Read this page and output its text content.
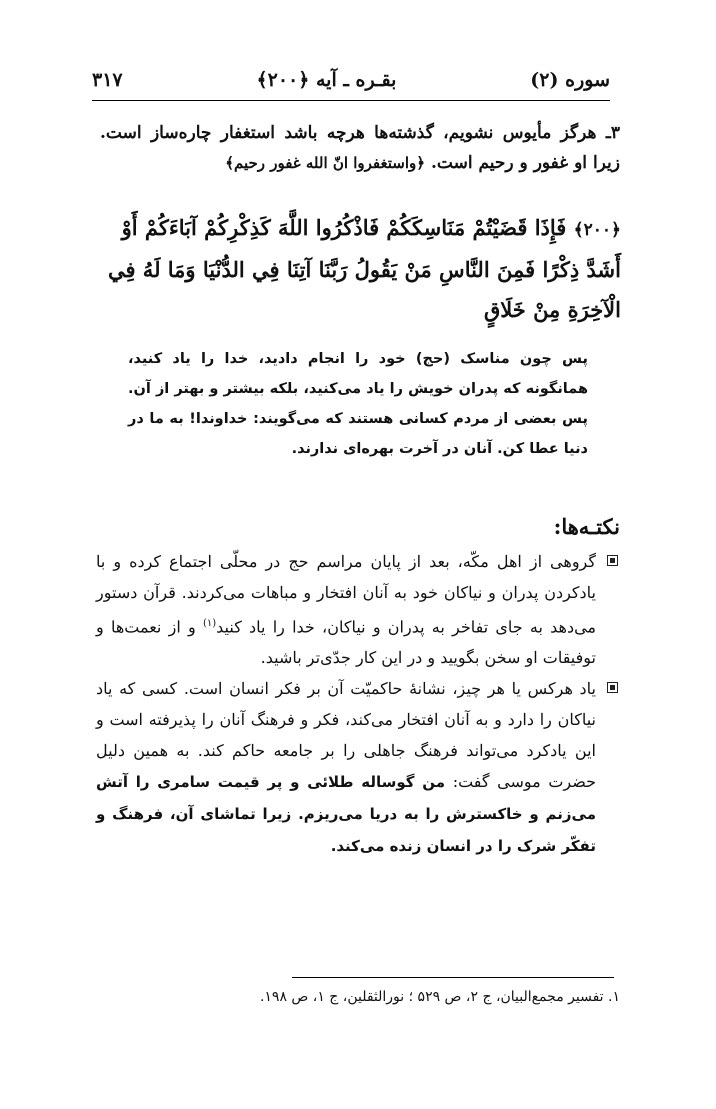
سوره (۲)
بقـره ـ آیه ﴿۲۰۰﴾
۳۱۷
۳ـ هرگز مأیوس نشویم، گذشته‌ها هرچه باشد استغفار چاره‌ساز است. زیرا او غفور و رحیم است. ﴿واستغفروا انّ الله غفور رحیم﴾
﴿۲۰۰﴾ فَإِذَا قَضَيْتُمْ مَنَاسِكَكُمْ فَاذْكُرُوا اللَّهَ كَذِكْرِكُمْ آبَاءَكُمْ أَوْ أَشَدَّ ذِكْرًا فَمِنَ النَّاسِ مَنْ يَقُولُ رَبَّنَا آتِنَا فِي الدُّنْيَا وَمَا لَهُ فِي الْآخِرَةِ مِنْ خَلَاقٍ
پس چون مناسک (حج) خود را انجام دادید، خدا را یاد کنید، همانگونه که پدران خویش را یاد می‌کنید، بلکه بیشتر و بهتر از آن. پس بعضی از مردم کسانی هستند که می‌گویند: خداوندا! به ما در دنیا عطا کن. آنان در آخرت بهره‌ای ندارند.
نکتـه‌ها:
گروهی از اهل مکّه، بعد از پایان مراسم حج در محلّی اجتماع کرده و با یادکردن پدران و نیاکان خود به آنان افتخار و مباهات می‌کردند. قرآن دستور می‌دهد به جای تفاخر به پدران و نیاکان، خدا را یاد کنید$^{(۱)}$ و از نعمت‌ها و توفیقات او سخن بگویید و در این کار جدّی‌تر باشید.
یاد هرکس یا هر چیز، نشانهٔ حاکمیّت آن بر فکر انسان است. کسی که یاد نیاکان را دارد و به آنان افتخار می‌کند، فکر و فرهنگ آنان را پذیرفته است و این یادکرد می‌تواند فرهنگ جاهلی را بر جامعه حاکم کند. به همین دلیل حضرت موسی گفت: من گوساله طلائی و پر قیمت سامری را آتش می‌زنم و خاکسترش را به دریا می‌ریزم. زیرا تماشای آن، فرهنگ و تفکّر شرک را در انسان زنده می‌کند.
۱. تفسیر مجمع‌البیان، ج ۲، ص ۵۲۹ ؛ نورالثقلین، ج ۱، ص ۱۹۸.
